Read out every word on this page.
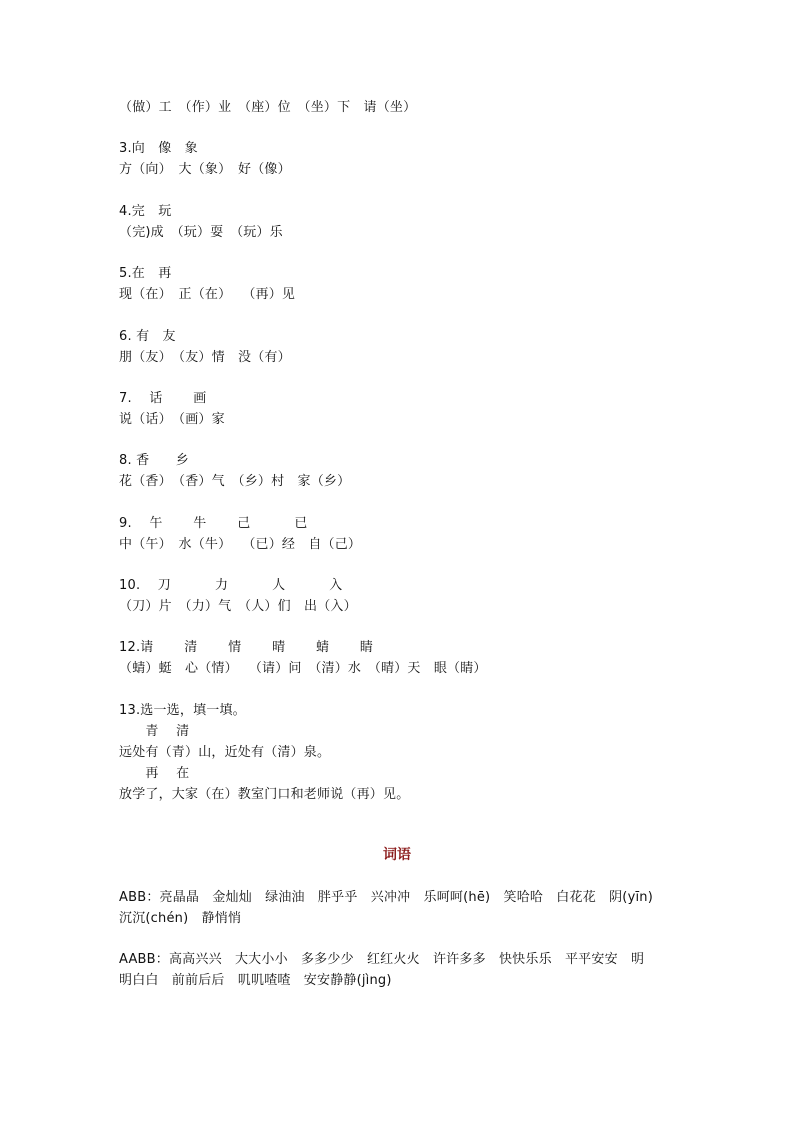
（做）工　（作）业　（座）位　（坐）下　请（坐）
3.向　像　象
方（向）　大（象）　好（像）
4.完　玩
（完)成　（玩）耍　（玩）乐
5.在　再
现（在）　正（在）　 （再）见
6. 有　友
朋（友）　（友）情　没（有）
7.　 话　　 画
说（话）　（画）家
8. 香　　乡
花（香）　（香）气　（乡）村　家（乡）
9.　 午　　 牛　　 己　　　 已
中（午）　水（牛）　 （已）经　自（己）
10.　 刀　　　 力　　　 人　　　 入
（刀）片　（力）气　（人）们　出（入）
12.请　　 清　　 情　　 晴　　 蜻　　 睛
（蜻）蜓　心（情）　 （请）问　（清）水　（晴）天　眼（睛）
13.选一选，填一填。
　　青　 清
远处有（青）山，近处有（清）泉。
　　再　 在
放学了，大家（在）教室门口和老师说（再）见。
词语
ABB：亮晶晶　金灿灿　绿油油　胖乎乎　兴冲冲　乐呵呵(hē)　笑哈哈　白花花　阴(yīn)
沉沉(chén)　静悄悄
AABB：高高兴兴　大大小小　多多少少　红红火火　许许多多　快快乐乐　平平安安　明
明白白　前前后后　叽叽喳喳　安安静静(jìng)
